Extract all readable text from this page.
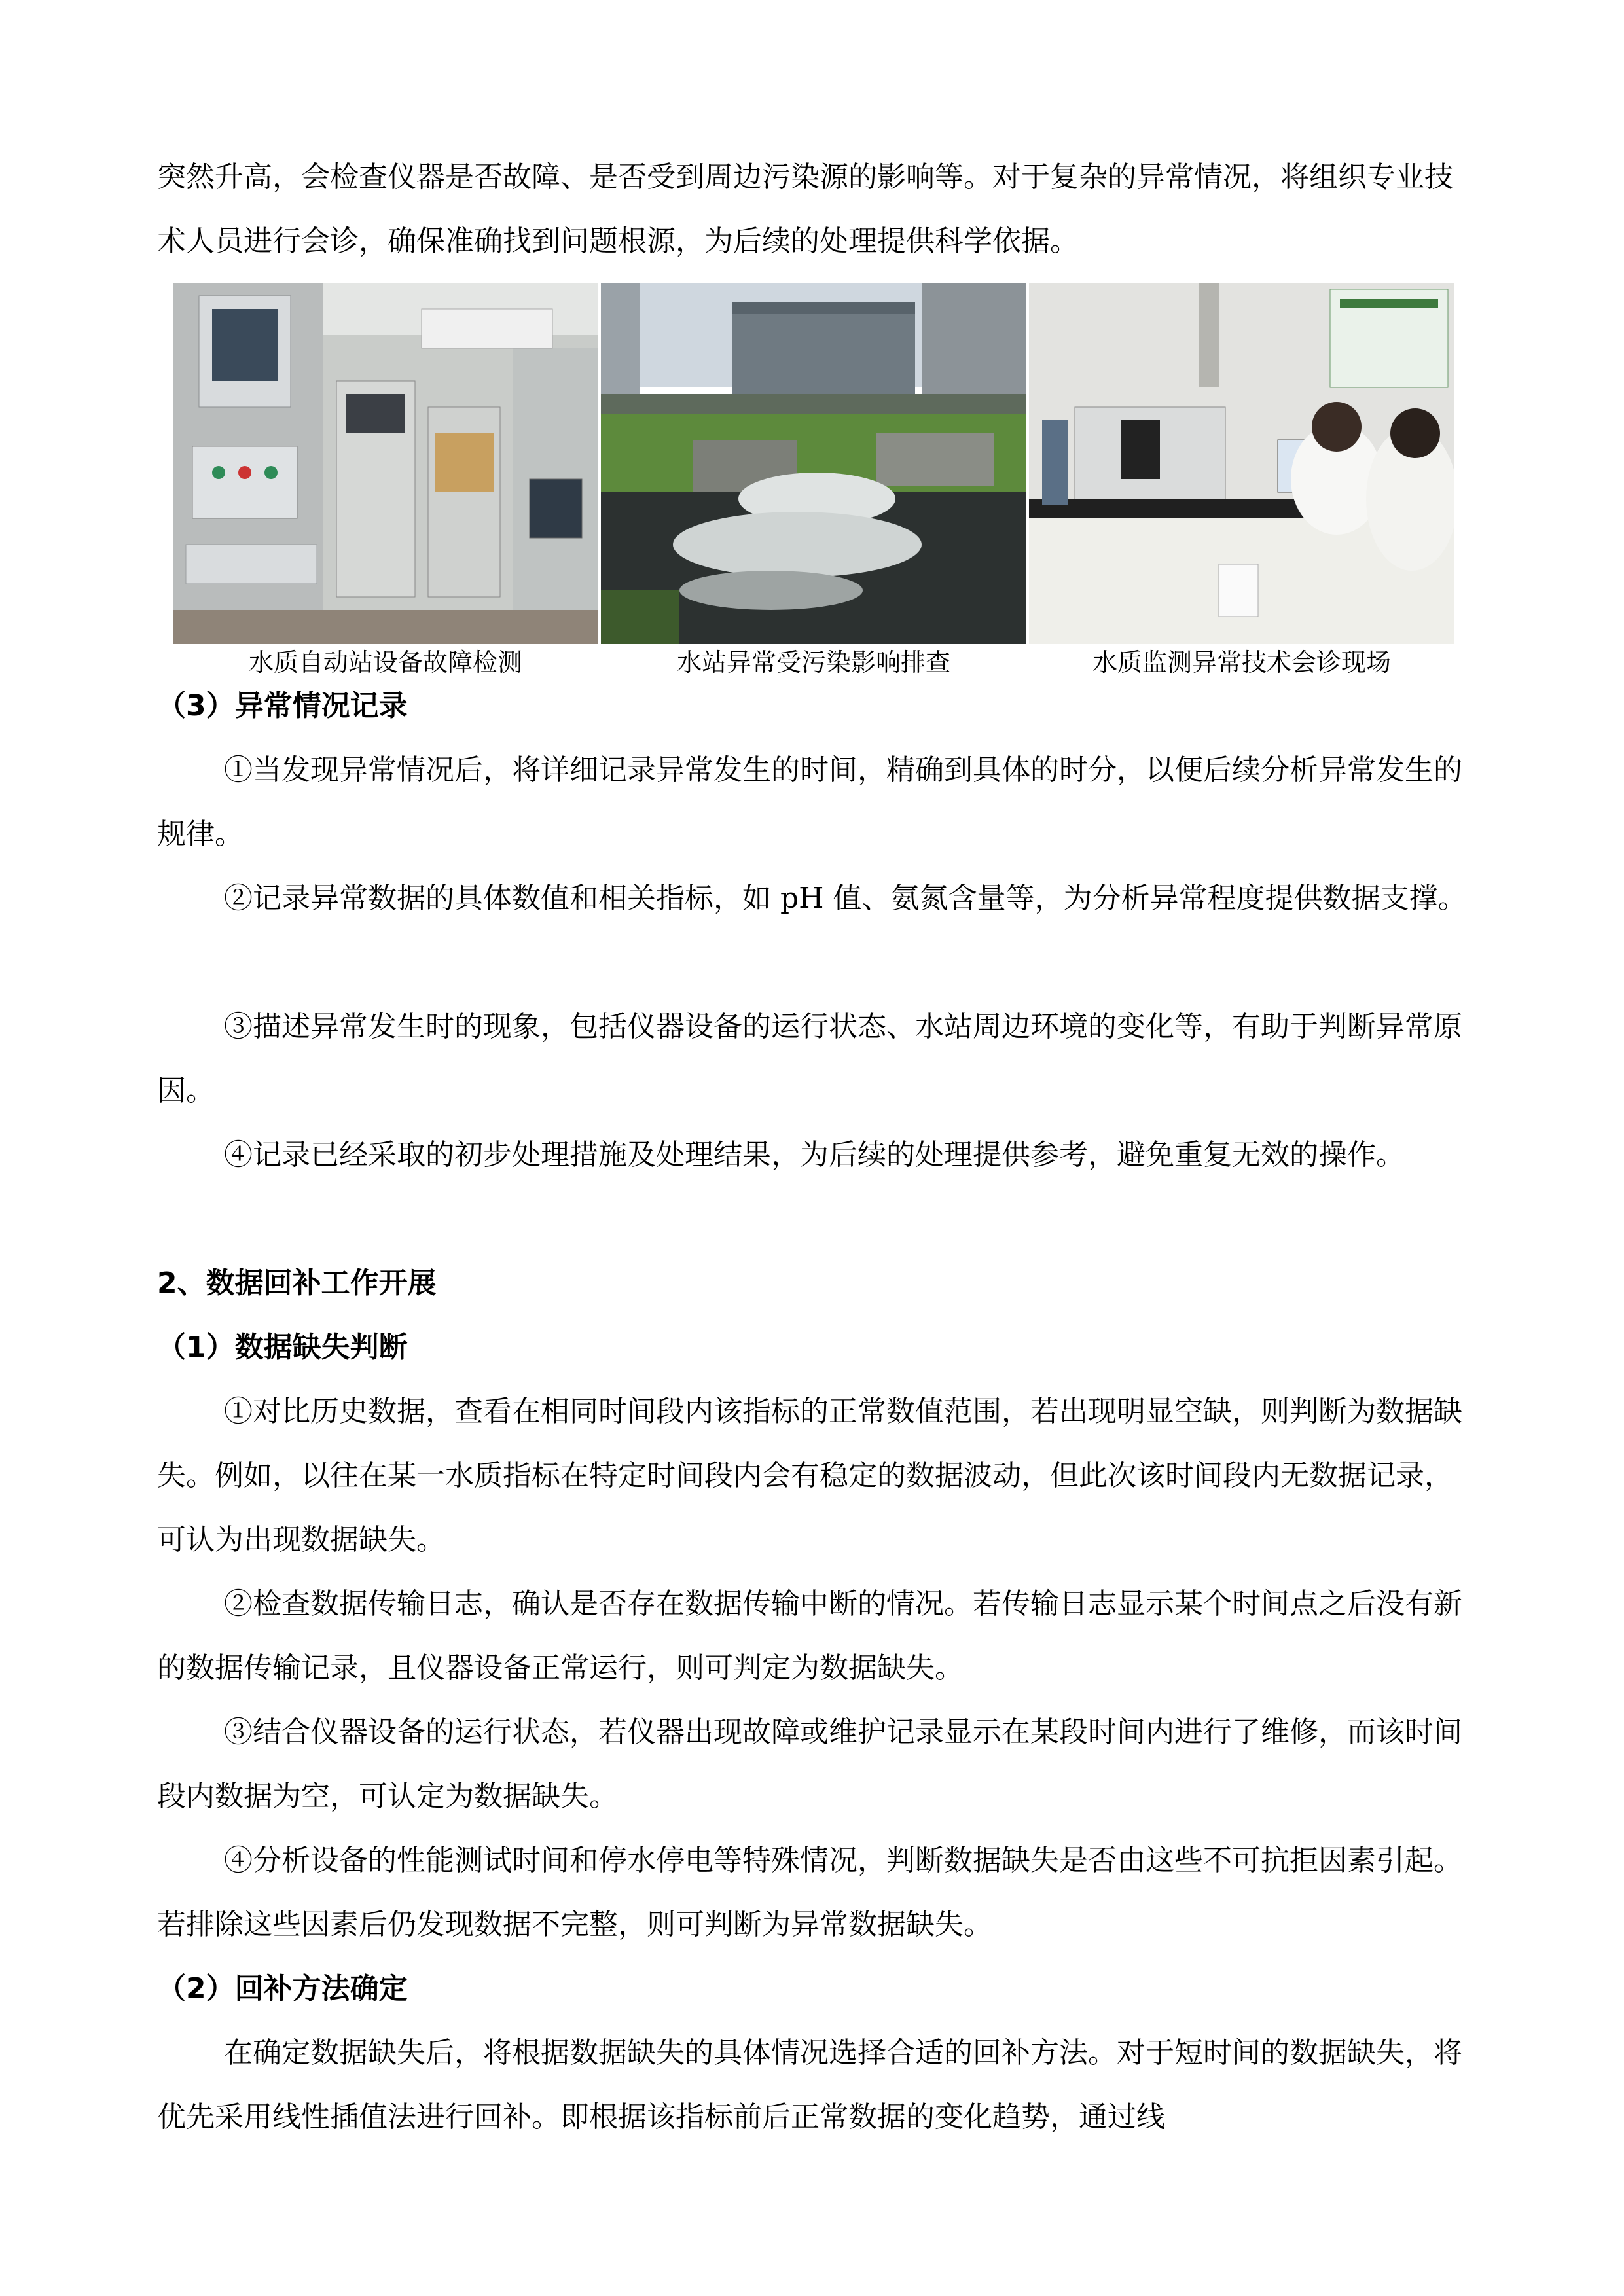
突然升高，会检查仪器是否故障、是否受到周边污染源的影响等。对于复杂的异常情况，将组织专业技术人员进行会诊，确保准确找到问题根源，为后续的处理提供科学依据。

水质自动站设备故障检测	水站异常受污染影响排查	水质监测异常技术会诊现场

（3）异常情况记录

①当发现异常情况后，将详细记录异常发生的时间，精确到具体的时分，以便后续分析异常发生的规律。

②记录异常数据的具体数值和相关指标，如 pH 值、氨氮含量等，为分析异常程度提供数据支撑。

③描述异常发生时的现象，包括仪器设备的运行状态、水站周边环境的变化等，有助于判断异常原因。

④记录已经采取的初步处理措施及处理结果，为后续的处理提供参考，避免重复无效的操作。

2、数据回补工作开展

（1）数据缺失判断

①对比历史数据，查看在相同时间段内该指标的正常数值范围，若出现明显空缺，则判断为数据缺失。例如，以往在某一水质指标在特定时间段内会有稳定的数据波动，但此次该时间段内无数据记录，可认为出现数据缺失。

②检查数据传输日志，确认是否存在数据传输中断的情况。若传输日志显示某个时间点之后没有新的数据传输记录，且仪器设备正常运行，则可判定为数据缺失。

③结合仪器设备的运行状态，若仪器出现故障或维护记录显示在某段时间内进行了维修，而该时间段内数据为空，可认定为数据缺失。

④分析设备的性能测试时间和停水停电等特殊情况，判断数据缺失是否由这些不可抗拒因素引起。若排除这些因素后仍发现数据不完整，则可判断为异常数据缺失。

（2）回补方法确定

在确定数据缺失后，将根据数据缺失的具体情况选择合适的回补方法。对于短时间的数据缺失，将优先采用线性插值法进行回补。即根据该指标前后正常数据的变化趋势，通过线
